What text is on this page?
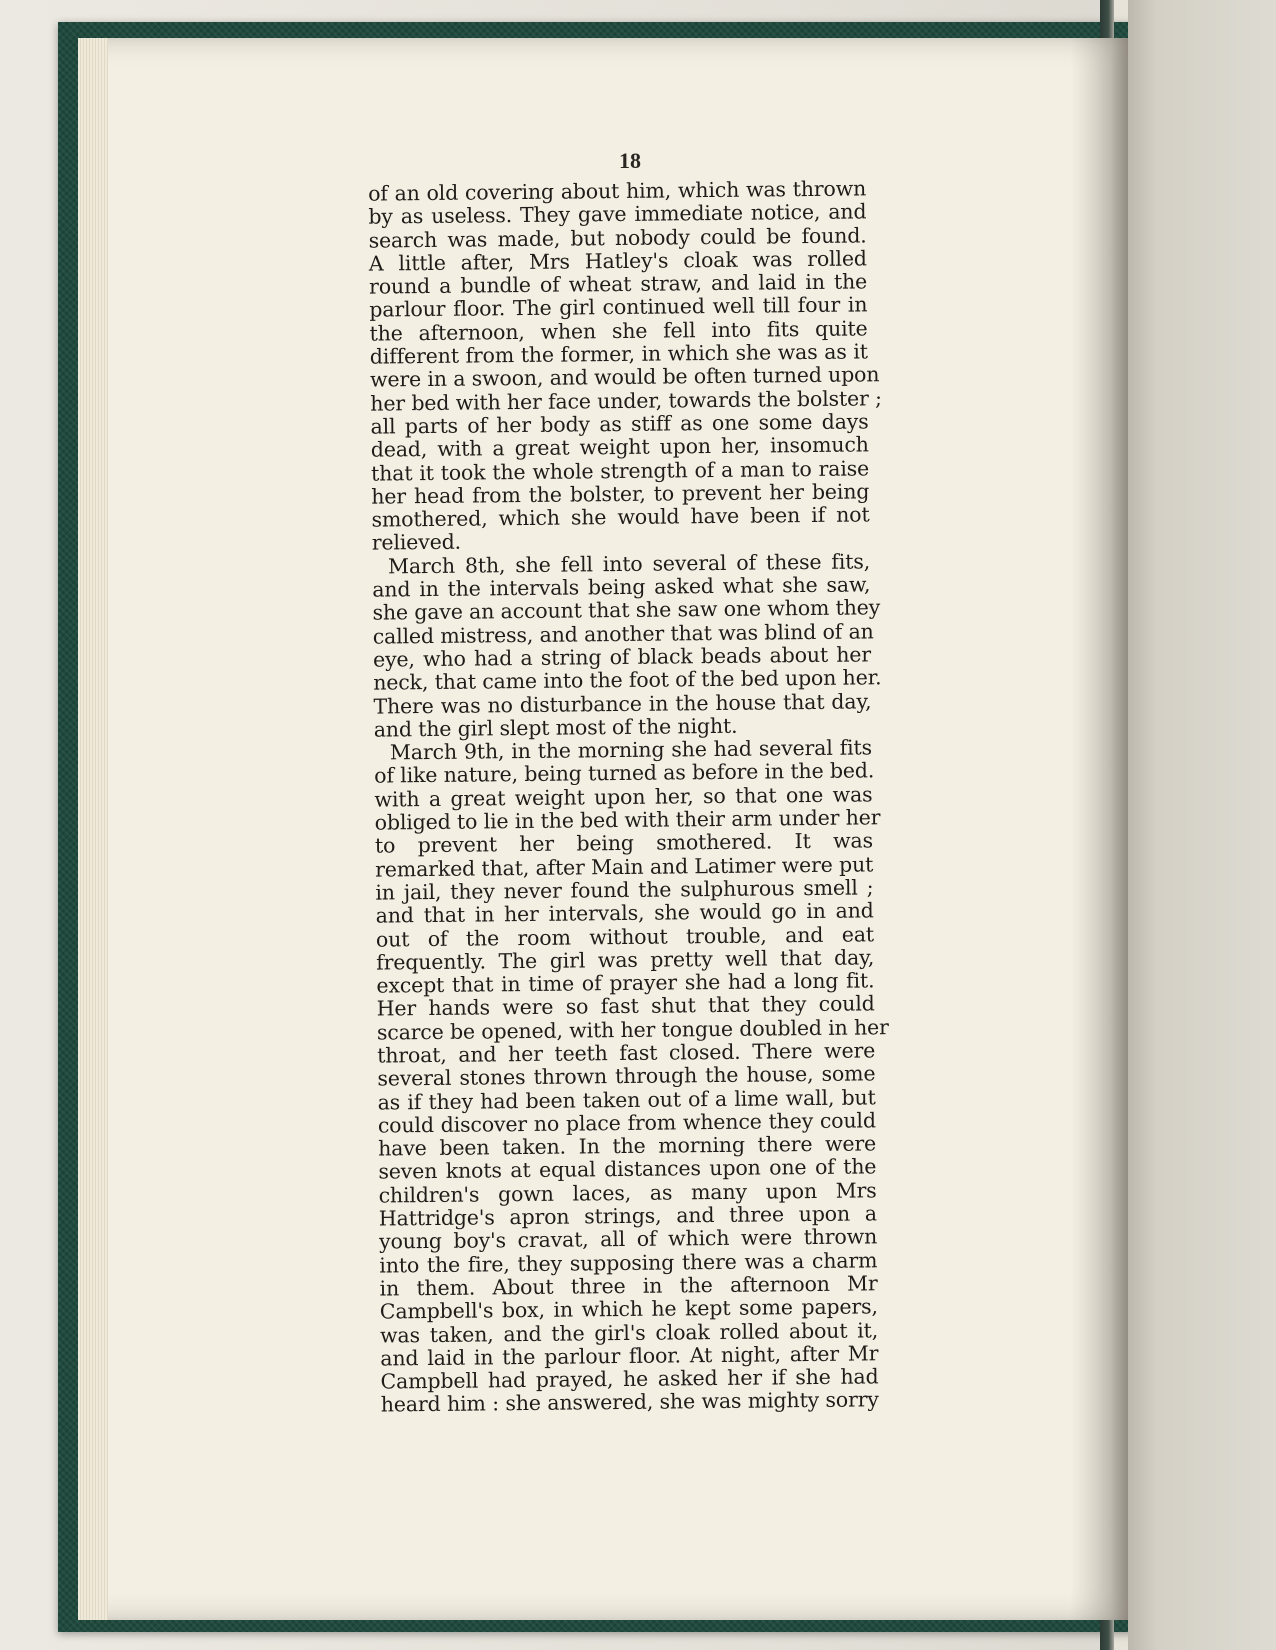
18
of an old covering about him, which was thrown
by as useless. They gave immediate notice, and
search was made, but nobody could be found.
A little after, Mrs Hatley's cloak was rolled
round a bundle of wheat straw, and laid in the
parlour floor. The girl continued well till four in
the afternoon, when she fell into fits quite
different from the former, in which she was as it
were in a swoon, and would be often turned upon
her bed with her face under, towards the bolster ;
all parts of her body as stiff as one some days
dead, with a great weight upon her, insomuch
that it took the whole strength of a man to raise
her head from the bolster, to prevent her being
smothered, which she would have been if not
relieved.
March 8th, she fell into several of these fits,
and in the intervals being asked what she saw,
she gave an account that she saw one whom they
called mistress, and another that was blind of an
eye, who had a string of black beads about her
neck, that came into the foot of the bed upon her.
There was no disturbance in the house that day,
and the girl slept most of the night.
March 9th, in the morning she had several fits
of like nature, being turned as before in the bed.
with a great weight upon her, so that one was
obliged to lie in the bed with their arm under her
to prevent her being smothered. It was
remarked that, after Main and Latimer were put
in jail, they never found the sulphurous smell ;
and that in her intervals, she would go in and
out of the room without trouble, and eat
frequently. The girl was pretty well that day,
except that in time of prayer she had a long fit.
Her hands were so fast shut that they could
scarce be opened, with her tongue doubled in her
throat, and her teeth fast closed. There were
several stones thrown through the house, some
as if they had been taken out of a lime wall, but
could discover no place from whence they could
have been taken. In the morning there were
seven knots at equal distances upon one of the
children's gown laces, as many upon Mrs
Hattridge's apron strings, and three upon a
young boy's cravat, all of which were thrown
into the fire, they supposing there was a charm
in them. About three in the afternoon Mr
Campbell's box, in which he kept some papers,
was taken, and the girl's cloak rolled about it,
and laid in the parlour floor. At night, after Mr
Campbell had prayed, he asked her if she had
heard him : she answered, she was mighty sorry
